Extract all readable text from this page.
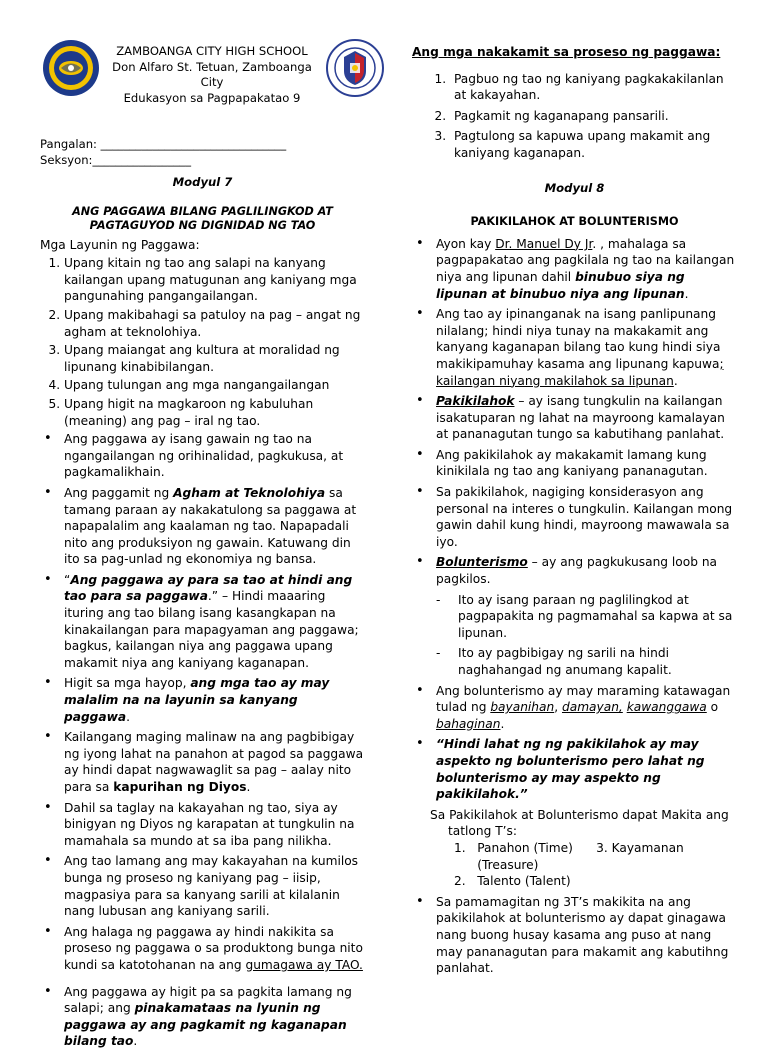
ZAMBOANGA CITY HIGH SCHOOL
Don Alfaro St. Tetuan, Zamboanga City
Edukasyon sa Pagpapakatao 9
Pangalan: ________________________________
Seksyon:_________________
Modyul 7
ANG PAGGAWA BILANG PAGLILINGKOD AT PAGTAGUYOD NG DIGNIDAD NG TAO
Mga Layunin ng Paggawa:
1. Upang kitain ng tao ang salapi na kanyang kailangan upang matugunan ang kaniyang mga pangunahing pangangailangan.
2. Upang makibahagi sa patuloy na pag – angat ng agham at teknolohiya.
3. Upang maiangat ang kultura at moralidad ng lipunang kinabibilangan.
4. Upang tulungan ang mga nangangailangan
5. Upang higit na magkaroon ng kabuluhan (meaning) ang pag – iral ng tao.
• Ang paggawa ay isang gawain ng tao na ngangailangan ng orihinalidad, pagkukusa, at pagkamalikhain.
• Ang paggamit ng Agham at Teknolohiya sa tamang paraan ay nakakatulong sa paggawa at napapalalim ang kaalaman ng tao. Napapadali nito ang produksiyon ng gawain. Katuwang din ito sa pag-unlad ng ekonomiya ng bansa.
• “Ang paggawa ay para sa tao at hindi ang tao para sa paggawa.” – Hindi maaaring ituring ang tao bilang isang kasangkapan na kinakailangan para mapagyaman ang paggawa; bagkus, kailangan niya ang paggawa upang makamit niya ang kaniyang kaganapan.
• Higit sa mga hayop, ang mga tao ay may malalim na na layunin sa kanyang paggawa.
• Kailangang maging malinaw na ang pagbibigay ng iyong lahat na panahon at pagod sa paggawa ay hindi dapat nagwawaglit sa pag – aalay nito para sa kapurihan ng Diyos.
• Dahil sa taglay na kakayahan ng tao, siya ay binigyan ng Diyos ng karapatan at tungkulin na mamahala sa mundo at sa iba pang nilikha.
• Ang tao lamang ang may kakayahan na kumilos bunga ng proseso ng kaniyang pag – iisip, magpasiya para sa kanyang sarili at kilalanin nang lubusan ang kaniyang sarili.
• Ang halaga ng paggawa ay hindi nakikita sa proseso ng paggawa o sa produktong bunga nito kundi sa katotohanan na ang gumagawa ay TAO.
• Ang paggawa ay higit pa sa pagkita lamang ng salapi; ang pinakamataas na lyunin ng paggawa ay ang pagkamit ng kaganapan bilang tao.
Ang mga nakakamit sa proseso ng paggawa:
1. Pagbuo ng tao ng kaniyang pagkakakilanlan at kakayahan.
2. Pagkamit ng kaganapang pansarili.
3. Pagtulong sa kapuwa upang makamit ang kaniyang kaganapan.
Modyul 8
PAKIKILAHOK AT BOLUNTERISMO
• Ayon kay Dr. Manuel Dy Jr. , mahalaga sa pagpapakatao ang pagkilala ng tao na kailangan niya ang lipunan dahil binubuo siya ng lipunan at binubuo niya ang lipunan.
• Ang tao ay ipinanganak na isang panlipunang nilalang; hindi niya tunay na makakamit ang kanyang kaganapan bilang tao kung hindi siya makikipamuhay kasama ang lipunang kapuwa; kailangan niyang makilahok sa lipunan.
• Pakikilahok – ay isang tungkulin na kailangan isakatuparan ng lahat na mayroong kamalayan at pananagutan tungo sa kabutihang panlahat.
• Ang pakikilahok ay makakamit lamang kung kinikilala ng tao ang kaniyang pananagutan.
• Sa pakikilahok, nagiging konsiderasyon ang personal na interes o tungkulin. Kailangan mong gawin dahil kung hindi, mayroong mawawala sa iyo.
• Bolunterismo – ay ang pagkukusang loob na pagkilos.
- Ito ay isang paraan ng paglilingkod at pagpapakita ng pagmamahal sa kapwa at sa lipunan.
- Ito ay pagbibigay ng sarili na hindi naghahangad ng anumang kapalit.
• Ang bolunterismo ay may maraming katawagan tulad ng bayanihan, damayan, kawanggawa o bahaginan.
• “Hindi lahat ng ng pakikilahok ay may aspekto ng bolunterismo pero lahat ng bolunterismo ay may aspekto ng pakikilahok.”
Sa Pakikilahok at Bolunterismo dapat Makita ang tatlong T’s:
1.   Panahon (Time)      3. Kayamanan
(Treasure)
2.   Talento (Talent)
• Sa pamamagitan ng 3T’s makikita na ang pakikilahok at bolunterismo ay dapat ginagawa nang buong husay kasama ang puso at nang may pananagutan para makamit ang kabutihng panlahat.
